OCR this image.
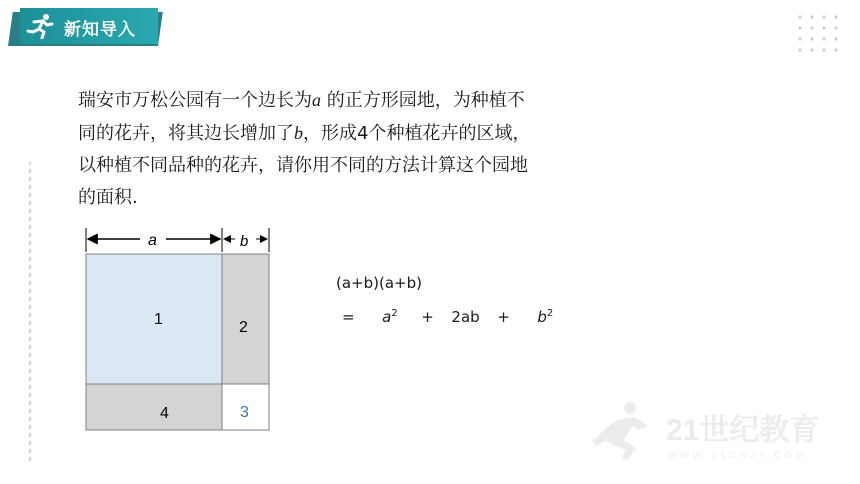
新知导入
瑞安市万松公园有一个边长为a 的正方形园地，为种植不
同的花卉，将其边长增加了b，形成4个种植花卉的区域，
以种植不同品种的花卉，请你用不同的方法计算这个园地
的面积.
a	b
1	2
4	3
(a+b)(a+b)
= $a^2 + 2ab + b^2$
21世纪教育
WWW.21CNJY.COM
